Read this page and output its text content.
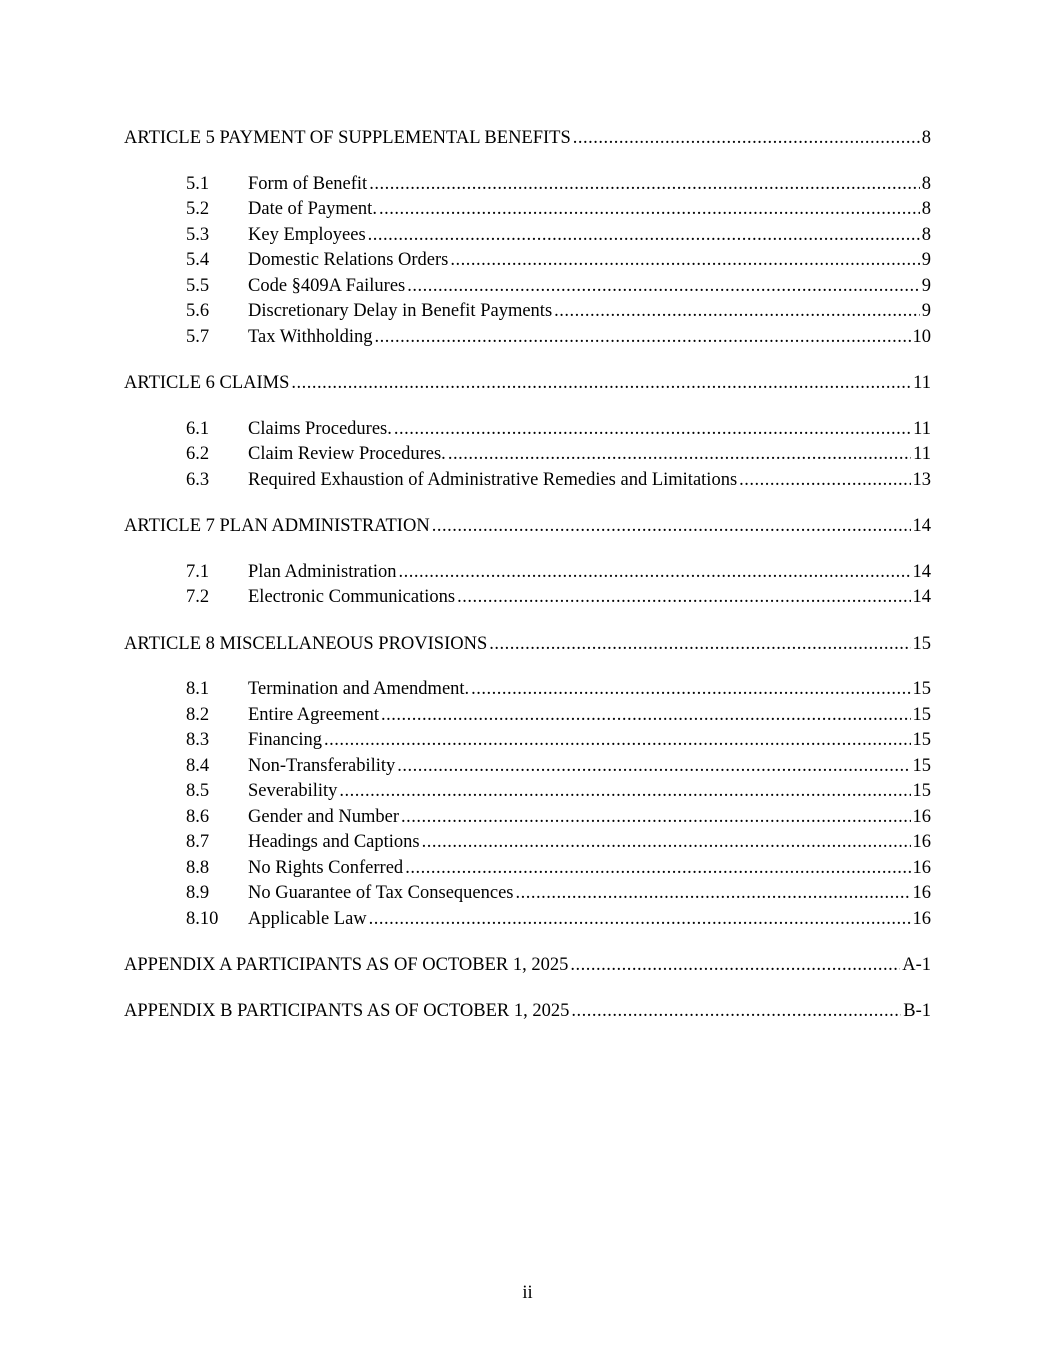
ARTICLE 5 PAYMENT OF SUPPLEMENTAL BENEFITS .....	8
5.1	Form of Benefit .....	8
5.2	Date of Payment. .....	8
5.3	Key Employees .....	8
5.4	Domestic Relations Orders .....	9
5.5	Code §409A Failures .....	9
5.6	Discretionary Delay in Benefit Payments .....	9
5.7	Tax Withholding .....	10
ARTICLE 6 CLAIMS .....	11
6.1	Claims Procedures. .....	11
6.2	Claim Review Procedures. .....	11
6.3	Required Exhaustion of Administrative Remedies and Limitations .....	13
ARTICLE 7 PLAN ADMINISTRATION .....	14
7.1	Plan Administration .....	14
7.2	Electronic Communications .....	14
ARTICLE 8 MISCELLANEOUS PROVISIONS .....	15
8.1	Termination and Amendment. .....	15
8.2	Entire Agreement .....	15
8.3	Financing .....	15
8.4	Non-Transferability .....	15
8.5	Severability .....	15
8.6	Gender and Number .....	16
8.7	Headings and Captions .....	16
8.8	No Rights Conferred .....	16
8.9	No Guarantee of Tax Consequences .....	16
8.10	Applicable Law .....	16
APPENDIX A PARTICIPANTS AS OF OCTOBER 1, 2025 .....	A-1
APPENDIX B PARTICIPANTS AS OF OCTOBER 1, 2025 .....	B-1
ii
